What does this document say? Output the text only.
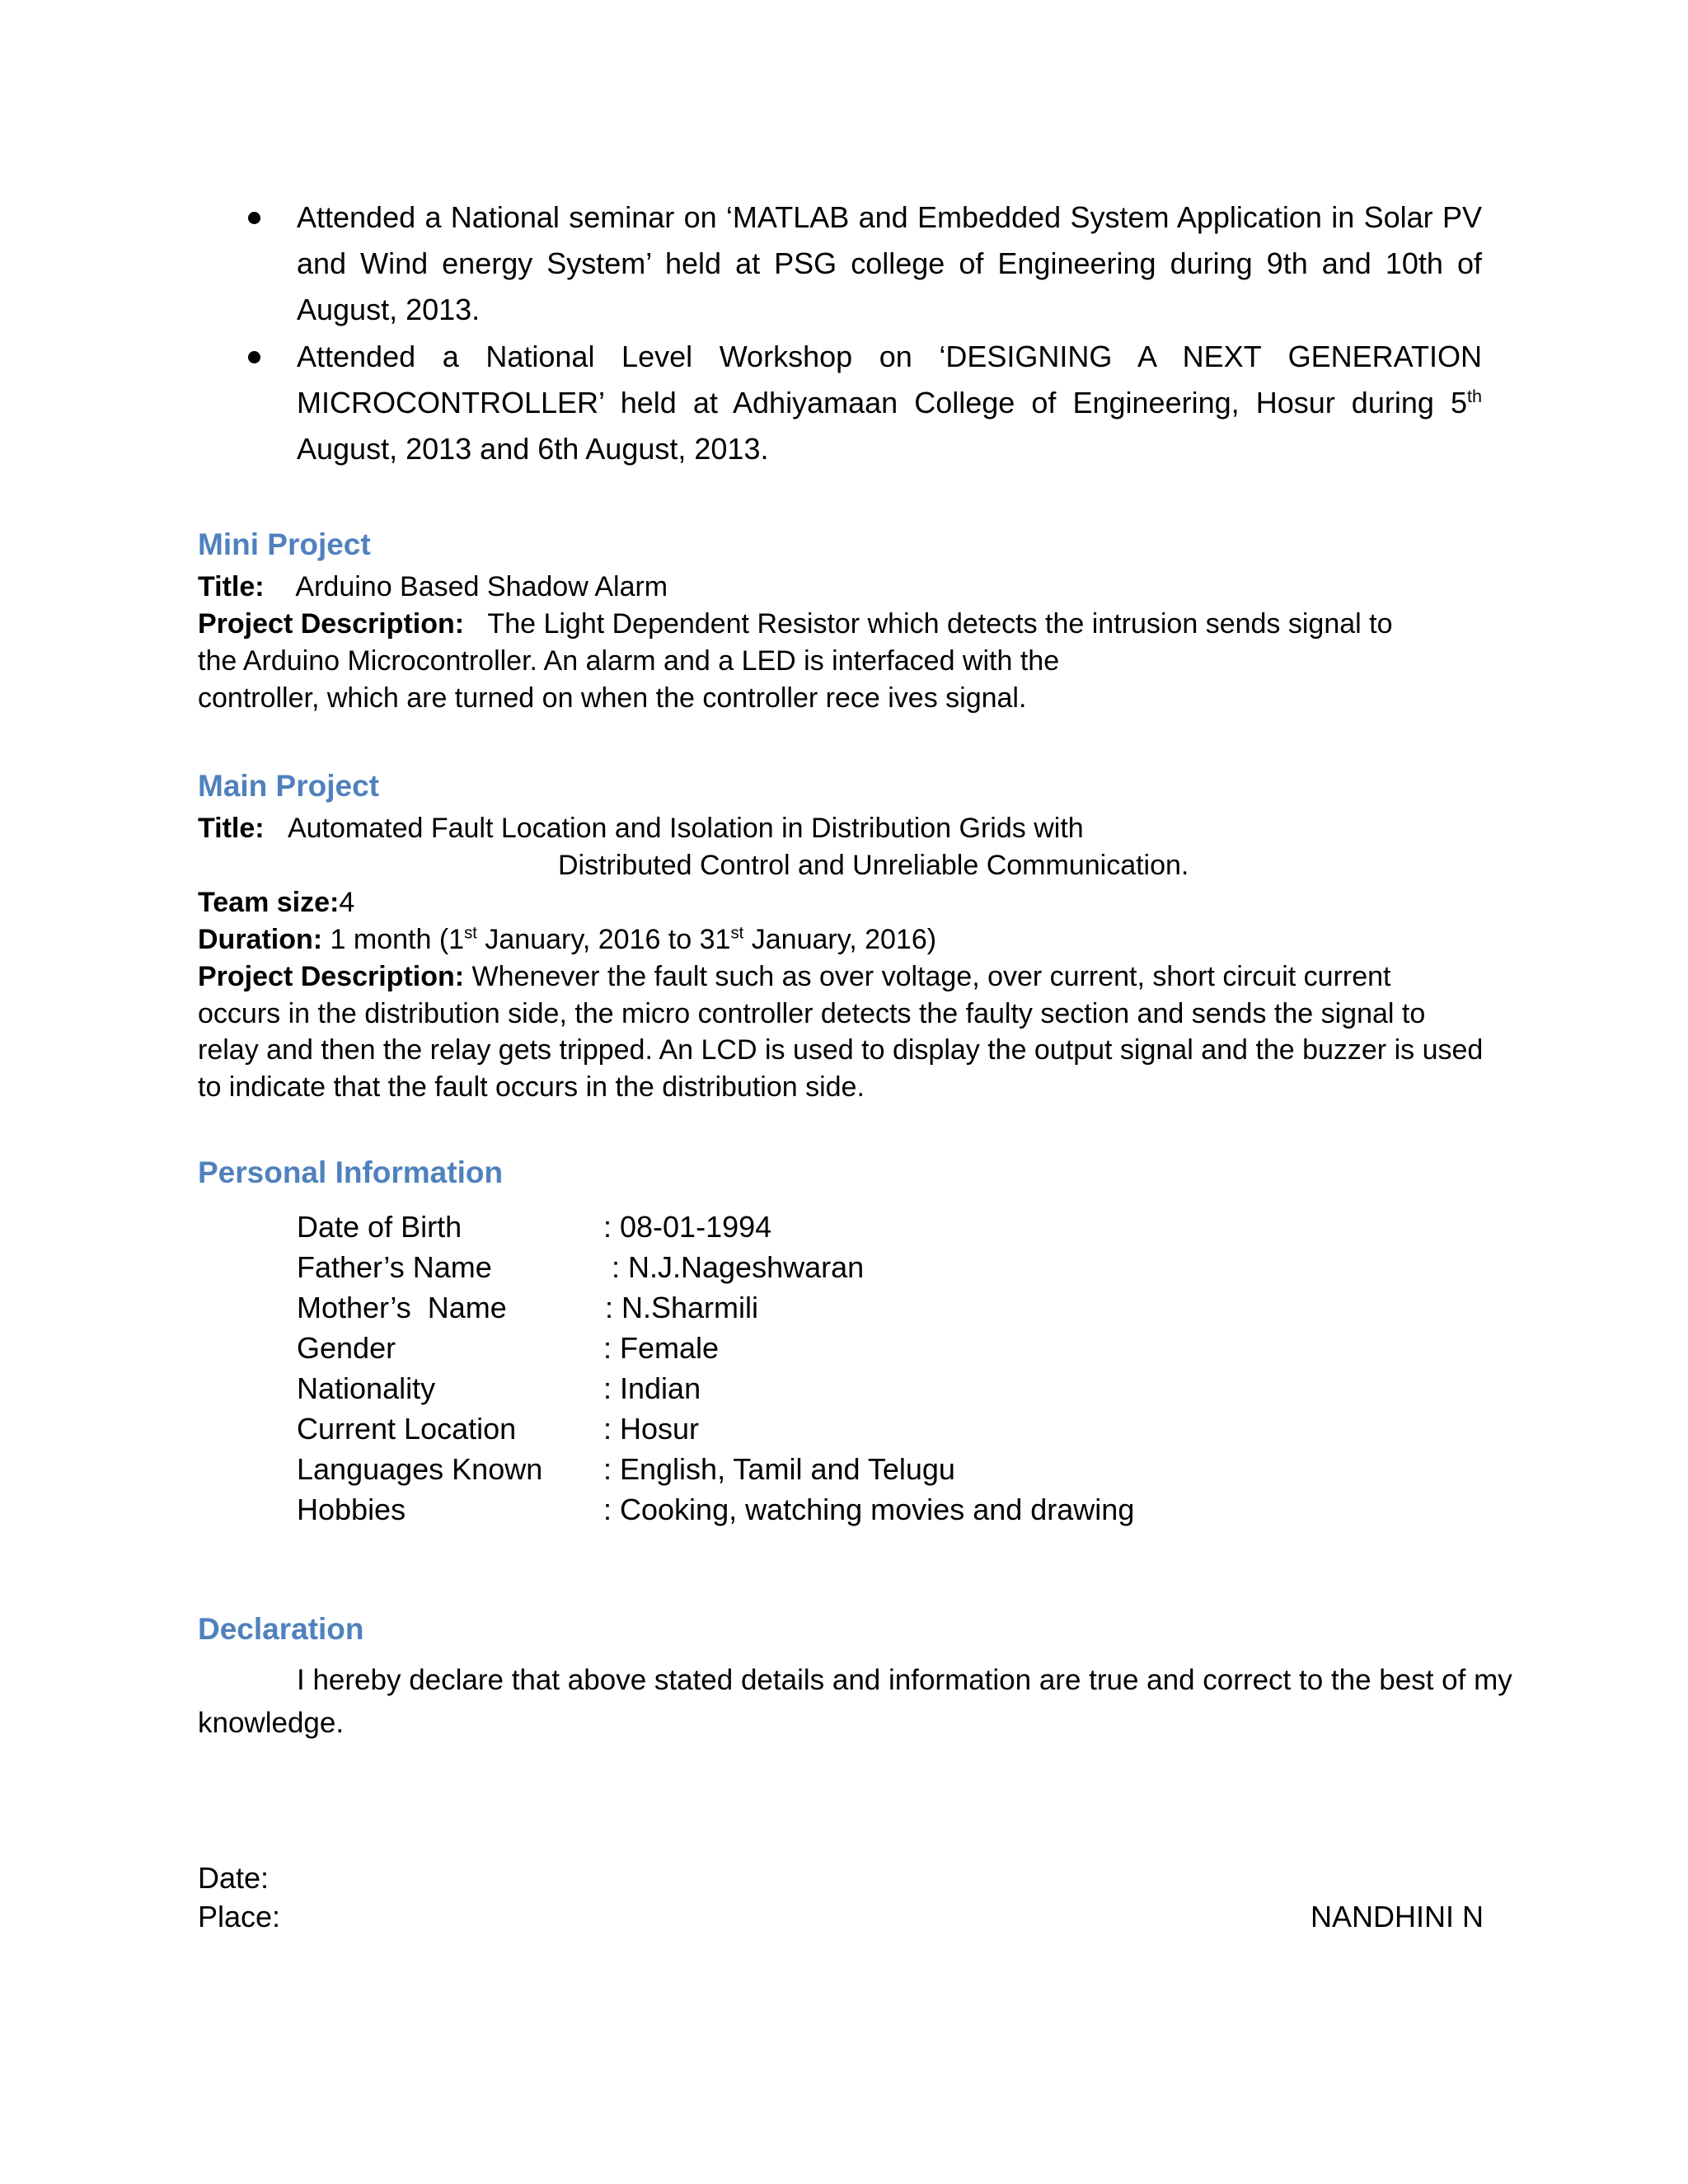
Attended a National seminar on ‘MATLAB and Embedded System Application in Solar PV and Wind energy System’ held at PSG college of Engineering during 9th and 10th of August, 2013.
Attended a National Level Workshop on ‘DESIGNING A NEXT GENERATION MICROCONTROLLER’ held at Adhiyamaan College of Engineering, Hosur during 5th August, 2013 and 6th August, 2013.
Mini Project
Title: Arduino Based Shadow Alarm
Project Description: The Light Dependent Resistor which detects the intrusion sends signal to
the Arduino Microcontroller. An alarm and a LED is interfaced with the
controller, which are turned on when the controller rece ives signal.
Main Project
Title: Automated Fault Location and Isolation in Distribution Grids with
Distributed Control and Unreliable Communication.
Team size:4
Duration: 1 month (1st January, 2016 to 31st January, 2016)
Project Description: Whenever the fault such as over voltage, over current, short circuit current
occurs in the distribution side, the micro controller detects the faulty section and sends the signal to
relay and then the relay gets tripped. An LCD is used to display the output signal and the buzzer is used
to indicate that the fault occurs in the distribution side.
Personal Information
Date of Birth	: 08-01-1994
Father’s Name	: N.J.Nageshwaran
Mother’s  Name	: N.Sharmili
Gender	: Female
Nationality	: Indian
Current Location	: Hosur
Languages Known : English, Tamil and Telugu
Hobbies	: Cooking, watching movies and drawing
Declaration
I hereby declare that above stated details and information are true and correct to the best of my
knowledge.
Date:
Place:	NANDHINI N
